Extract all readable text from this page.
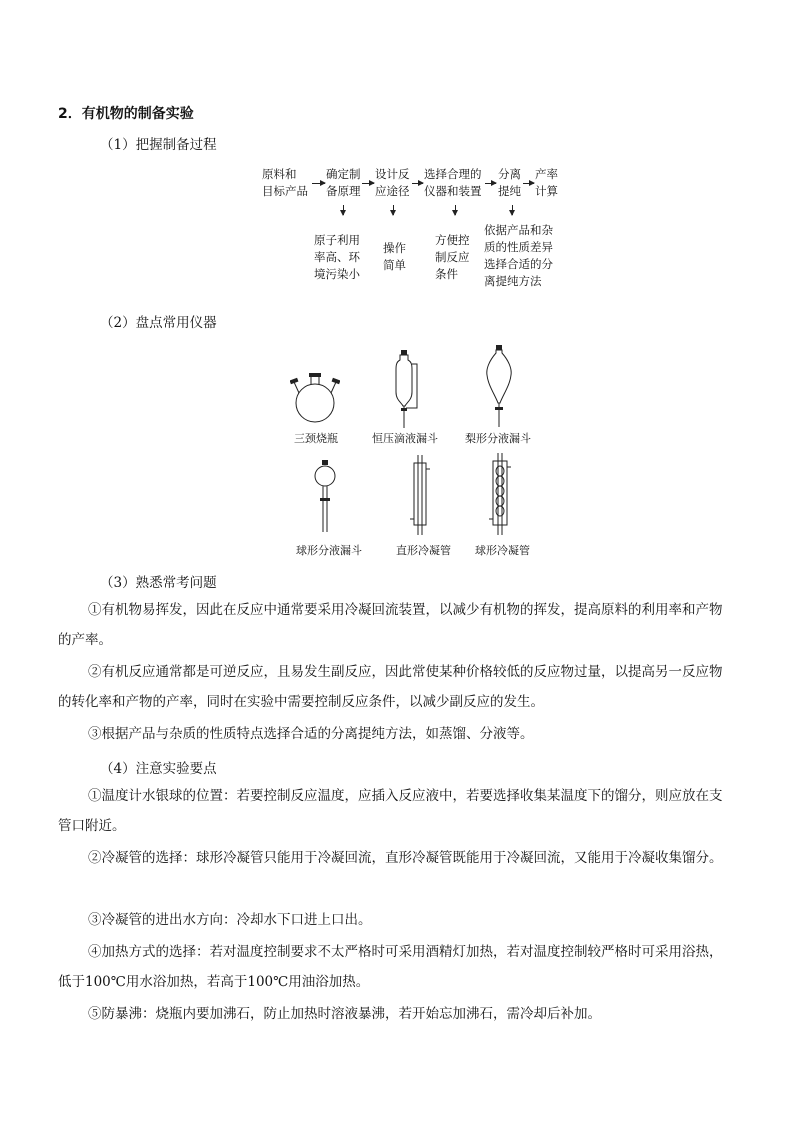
2．有机物的制备实验
（1）把握制备过程
原料和
目标产品
确定制
备原理
设计反
应途径
选择合理的
仪器和装置
分离
提纯
产率
计算
原子利用
率高、环
境污染小
操作
简单
方便控
制反应
条件
依据产品和杂
质的性质差异
选择合适的分
离提纯方法
（2）盘点常用仪器
三颈烧瓶	恒压滴液漏斗 梨形分液漏斗
球形分液漏斗	直形冷凝管 球形冷凝管
（3）熟悉常考问题
①有机物易挥发，因此在反应中通常要采用冷凝回流装置，以减少有机物的挥发，提高原料的利用率和产物的产率。
②有机反应通常都是可逆反应，且易发生副反应，因此常使某种价格较低的反应物过量，以提高另一反应物的转化率和产物的产率，同时在实验中需要控制反应条件，以减少副反应的发生。
③根据产品与杂质的性质特点选择合适的分离提纯方法，如蒸馏、分液等。
（4）注意实验要点
①温度计水银球的位置：若要控制反应温度，应插入反应液中，若要选择收集某温度下的馏分，则应放在支管口附近。
②冷凝管的选择：球形冷凝管只能用于冷凝回流，直形冷凝管既能用于冷凝回流，又能用于冷凝收集馏分。
③冷凝管的进出水方向：冷却水下口进上口出。
④加热方式的选择：若对温度控制要求不太严格时可采用酒精灯加热，若对温度控制较严格时可采用浴热，低于100℃用水浴加热，若高于100℃用油浴加热。
⑤防暴沸：烧瓶内要加沸石，防止加热时溶液暴沸，若开始忘加沸石，需冷却后补加。
